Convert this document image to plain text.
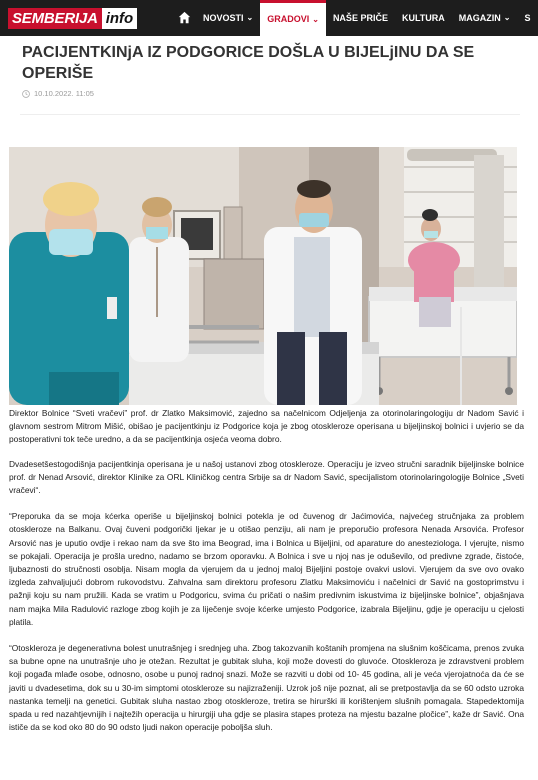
SEMBERIJA info	NOVOSTI ⌄ GRADOVI ⌄ NAŠE PRIČE KULTURA MAGAZIN ⌄ S
PACIJENTKINjA IZ PODGORICE DOŠLA U BIJELjINU DA SE OPERIŠE
10.10.2022. 11:05

Direktor Bolnice “Sveti vračevi” prof. dr Zlatko Maksimović, zajedno sa načelnicom Odjeljenja za otorinolaringologiju dr Nadom Savić i glavnom sestrom Mitrom Mišić, obišao je pacijentkinju iz Podgorice koja je zbog otoskleroze operisana u bijeljinskoj bolnici i uvjerio se da postoperativni tok teče uredno, a da se pacijentkinja osjeća veoma dobro.

Dvadesetšestogodišnja pacijentkinja operisana je u našoj ustanovi zbog otoskleroze. Operaciju je izveo stručni saradnik bijeljinske bolnice prof. dr Nenad Arsović, direktor Klinike za ORL Kliničkog centra Srbije sa dr Nadom Savić, specijalistom otorinolaringologije Bolnice „Sveti vračevi“.

“Preporuka da se moja kćerka operiše u bijeljinskoj bolnici potekla je od čuvenog dr Jaćimovića, najvećeg stručnjaka za problem otoskleroze na Balkanu. Ovaj čuveni podgorički ljekar je u otišao penziju, ali nam je preporučio profesora Nenada Arsovića. Profesor Arsović nas je uputio ovdje i rekao nam da sve što ima Beograd, ima i Bolnica u Bijeljini, od aparature do anesteziologa. I vjerujte, nismo se pokajali. Operacija je prošla uredno, nadamo se brzom oporavku. A Bolnica i sve u njoj nas je oduševilo, od predivne zgrade, čistoće, ljubaznosti do stručnosti osoblja. Nisam mogla da vjerujem da u jednoj maloj Bijeljini postoje ovakvi uslovi. Vjerujem da sve ovo ovako izgleda zahvaljujući dobrom rukovodstvu. Zahvalna sam direktoru profesoru Zlatku Maksimoviću i načelnici dr Savić na gostoprimstvu i pažnji koju su nam pružili. Kada se vratim u Podgoricu, svima ću pričati o našim predivnim iskustvima iz bijeljinske bolnice”, objašnjava nam majka Mila Radulović razloge zbog kojih je za liječenje svoje kćerke umjesto Podgorice, izabrala Bijeljinu, gdje je operaciju u cjelosti platila.

“Otoskleroza je degenerativna bolest unutrašnjeg i srednjeg uha. Zbog takozvanih koštanih promjena na slušnim koščicama, prenos zvuka sa bubne opne na unutrašnje uho je otežan. Rezultat je gubitak sluha, koji može dovesti do gluvoće. Otoskleroza je zdravstveni problem koji pogađa mlađe osobe, odnosno, osobe u punoj radnoj snazi. Može se razviti u dobi od 10- 45 godina, ali je veća vjerojatnoća da će se javiti u dvadesetima, dok su u 30-im simptomi otoskleroze su najizraženiji. Uzrok još nije poznat, ali se pretpostavlja da se 60 odsto uzroka nastanka temelji na genetici. Gubitak sluha nastao zbog otoskleroze, tretira se hirurški ili korištenjem slušnih pomagala. Stapedektomija spada u red nazahtjevnijih i najtežih operacija u hirurgiji uha gdje se plasira stapes proteza na mjestu bazalne pločice”, kaže dr Savić. Ona ističe da se kod oko 80 do 90 odsto ljudi nakon operacije poboljša sluh.
